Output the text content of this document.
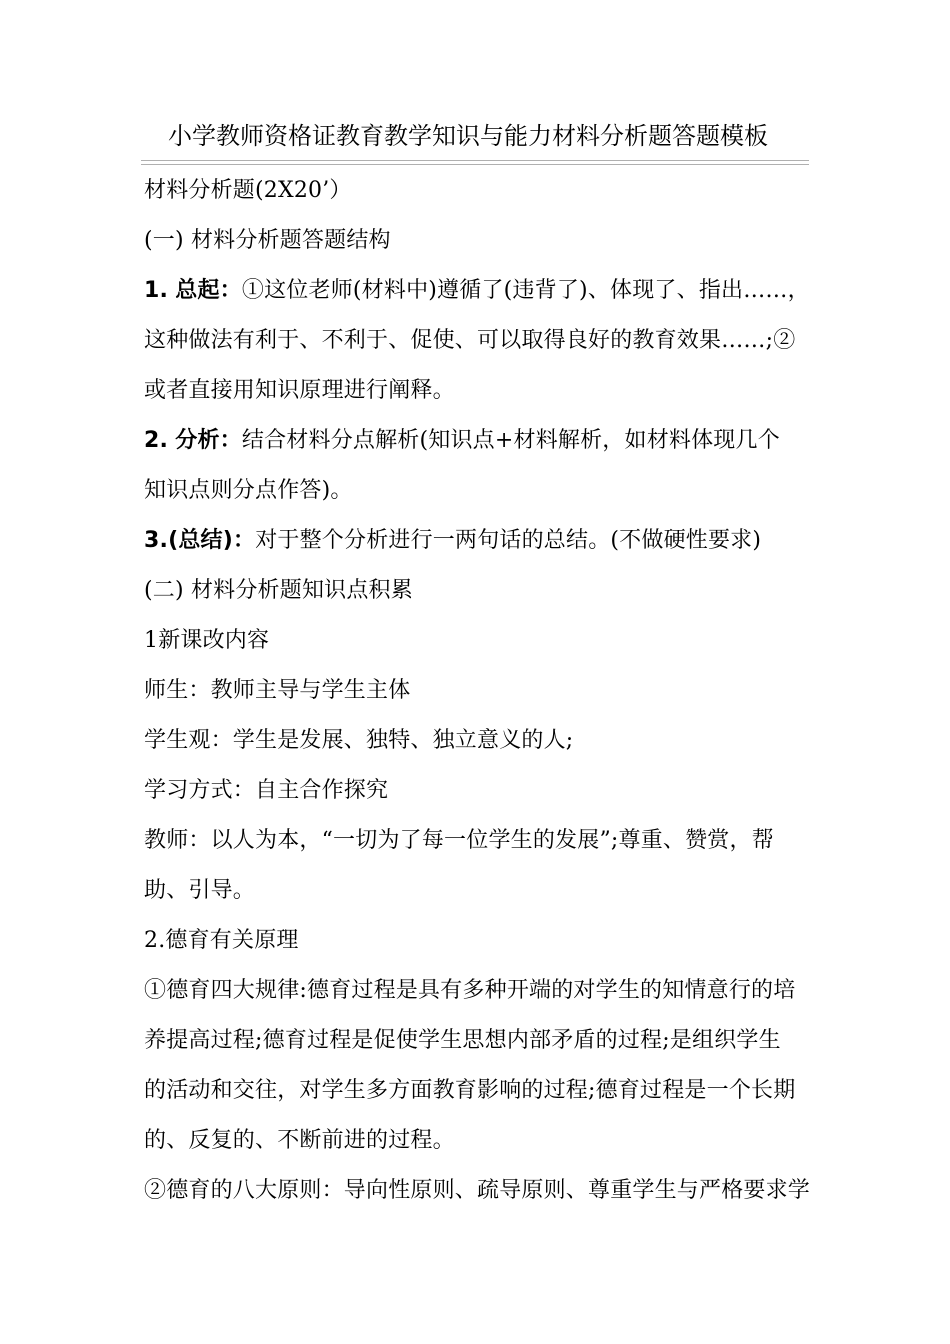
小学教师资格证教育教学知识与能力材料分析题答题模板
材料分析题(2X20’）
(一) 材料分析题答题结构
1. 总起：①这位老师(材料中)遵循了(违背了)、体现了、指出……，
这种做法有利于、不利于、促使、可以取得良好的教育效果……;②
或者直接用知识原理进行阐释。
2. 分析：结合材料分点解析(知识点+材料解析，如材料体现几个
知识点则分点作答)。
3.(总结)：对于整个分析进行一两句话的总结。(不做硬性要求)
(二) 材料分析题知识点积累
1新课改内容
师生：教师主导与学生主体
学生观：学生是发展、独特、独立意义的人;
学习方式：自主合作探究
教师：以人为本，“一切为了每一位学生的发展”;尊重、赞赏，帮
助、引导。
2.德育有关原理
①德育四大规律:德育过程是具有多种开端的对学生的知情意行的培
养提高过程;德育过程是促使学生思想内部矛盾的过程;是组织学生
的活动和交往，对学生多方面教育影响的过程;德育过程是一个长期
的、反复的、不断前进的过程。
②德育的八大原则：导向性原则、疏导原则、尊重学生与严格要求学
